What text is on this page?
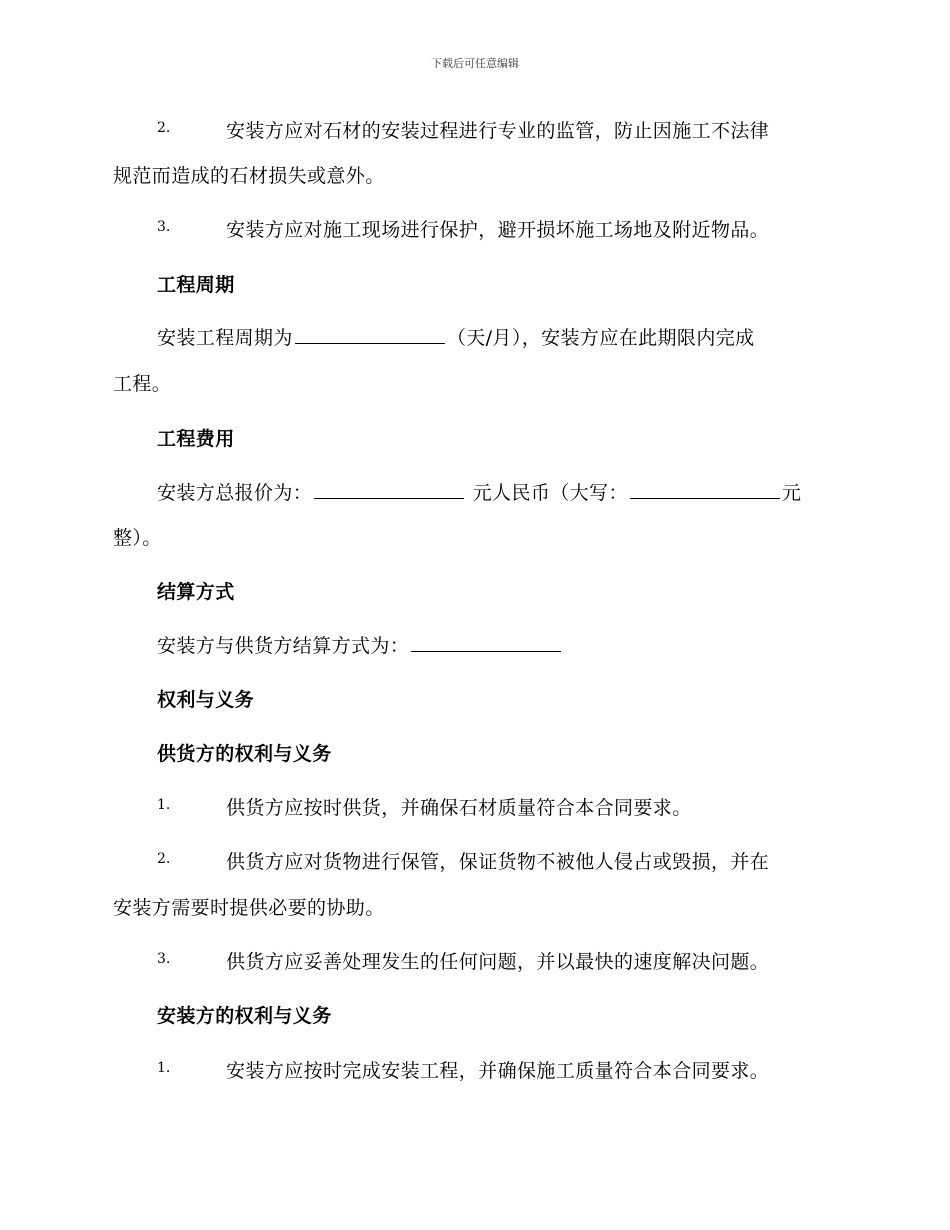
下载后可任意编辑
2.	安装方应对石材的安装过程进行专业的监管，防止因施工不法律
规范而造成的石材损失或意外。
3.	安装方应对施工现场进行保护，避开损坏施工场地及附近物品。
工程周期
安装工程周期为	（天/月），安装方应在此期限内完成
工程。
工程费用
安装方总报价为：	元人民币（大写：	元
整）。
结算方式
安装方与供货方结算方式为：
权利与义务
供货方的权利与义务
1.	供货方应按时供货，并确保石材质量符合本合同要求。
2.	供货方应对货物进行保管，保证货物不被他人侵占或毁损，并在
安装方需要时提供必要的协助。
3.	供货方应妥善处理发生的任何问题，并以最快的速度解决问题。
安装方的权利与义务
1.	安装方应按时完成安装工程，并确保施工质量符合本合同要求。
